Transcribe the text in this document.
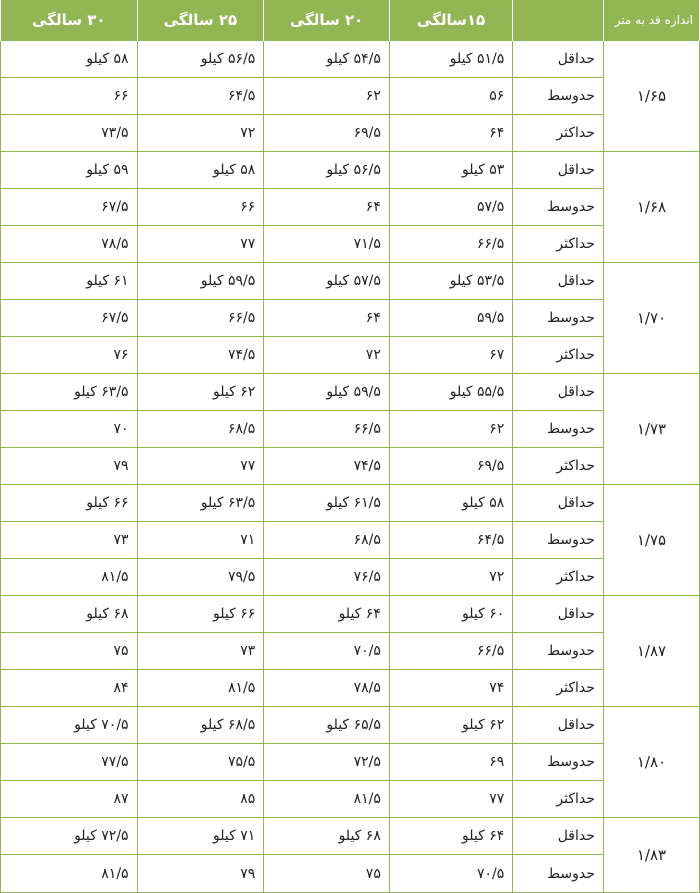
اندازه قد به متر		۱۵سالگی	۲۰ سالگی	۲۵ سالگی	۳۰ سالگی
۱/۶۵	حداقل	۵۱/۵ کیلو	۵۴/۵ کیلو	۵۶/۵ کیلو	۵۸ کیلو
	حدوسط	۵۶	۶۲	۶۴/۵	۶۶
	حداکثر	۶۴	۶۹/۵	۷۲	۷۳/۵
۱/۶۸	حداقل	۵۳ کیلو	۵۶/۵ کیلو	۵۸ کیلو	۵۹ کیلو
	حدوسط	۵۷/۵	۶۴	۶۶	۶۷/۵
	حداکثر	۶۶/۵	۷۱/۵	۷۷	۷۸/۵
۱/۷۰	حداقل	۵۳/۵ کیلو	۵۷/۵ کیلو	۵۹/۵ کیلو	۶۱ کیلو
	حدوسط	۵۹/۵	۶۴	۶۶/۵	۶۷/۵
	حداکثر	۶۷	۷۲	۷۴/۵	۷۶
۱/۷۳	حداقل	۵۵/۵ کیلو	۵۹/۵ کیلو	۶۲ کیلو	۶۳/۵ کیلو
	حدوسط	۶۲	۶۶/۵	۶۸/۵	۷۰
	حداکثر	۶۹/۵	۷۴/۵	۷۷	۷۹
۱/۷۵	حداقل	۵۸ کیلو	۶۱/۵ کیلو	۶۳/۵ کیلو	۶۶ کیلو
	حدوسط	۶۴/۵	۶۸/۵	۷۱	۷۳
	حداکثر	۷۲	۷۶/۵	۷۹/۵	۸۱/۵
۱/۸۷	حداقل	۶۰ کیلو	۶۴ کیلو	۶۶ کیلو	۶۸ کیلو
	حدوسط	۶۶/۵	۷۰/۵	۷۳	۷۵
	حداکثر	۷۴	۷۸/۵	۸۱/۵	۸۴
۱/۸۰	حداقل	۶۲ کیلو	۶۵/۵ کیلو	۶۸/۵ کیلو	۷۰/۵ کیلو
	حدوسط	۶۹	۷۲/۵	۷۵/۵	۷۷/۵
	حداکثر	۷۷	۸۱/۵	۸۵	۸۷
۱/۸۳	حداقل	۶۴ کیلو	۶۸ کیلو	۷۱ کیلو	۷۲/۵ کیلو
	حدوسط	۷۰/۵	۷۵	۷۹	۸۱/۵
